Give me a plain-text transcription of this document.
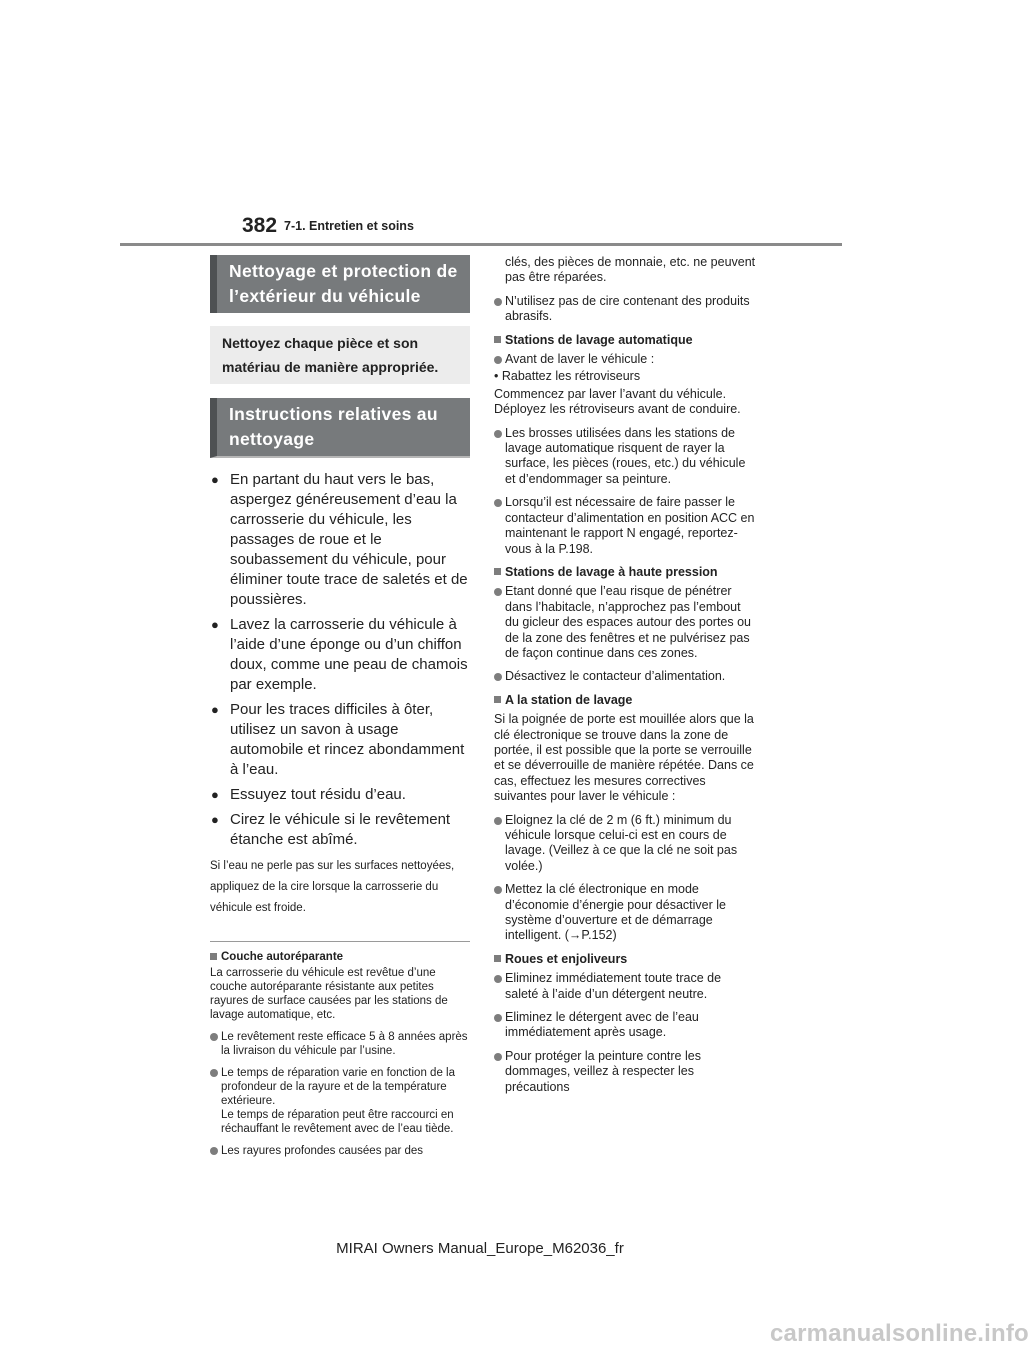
382 7-1. Entretien et soins
Nettoyage et protection de l’extérieur du véhicule
Nettoyez chaque pièce et son matériau de manière appropriée.
Instructions relatives au nettoyage
● En partant du haut vers le bas, aspergez généreusement d’eau la carrosserie du véhicule, les passages de roue et le soubassement du véhicule, pour éliminer toute trace de saletés et de poussières.
● Lavez la carrosserie du véhicule à l’aide d’une éponge ou d’un chiffon doux, comme une peau de chamois par exemple.
● Pour les traces difficiles à ôter, utilisez un savon à usage automobile et rincez abondamment à l’eau.
● Essuyez tout résidu d’eau.
● Cirez le véhicule si le revêtement étanche est abîmé.
Si l’eau ne perle pas sur les surfaces nettoyées, appliquez de la cire lorsque la carrosserie du véhicule est froide.
Couche autoréparante
La carrosserie du véhicule est revêtue d’une couche autoréparante résistante aux petites rayures de surface causées par les stations de lavage automatique, etc.
Le revêtement reste efficace 5 à 8 années après la livraison du véhicule par l’usine.
Le temps de réparation varie en fonction de la profondeur de la rayure et de la température extérieure.
Le temps de réparation peut être raccourci en réchauffant le revêtement avec de l’eau tiède.
Les rayures profondes causées par des
clés, des pièces de monnaie, etc. ne peuvent pas être réparées.
N’utilisez pas de cire contenant des produits abrasifs.
Stations de lavage automatique
Avant de laver le véhicule :
• Rabattez les rétroviseurs
Commencez par laver l’avant du véhicule. Déployez les rétroviseurs avant de conduire.
Les brosses utilisées dans les stations de lavage automatique risquent de rayer la surface, les pièces (roues, etc.) du véhicule et d’endommager sa peinture.
Lorsqu’il est nécessaire de faire passer le contacteur d’alimentation en position ACC en maintenant le rapport N engagé, reportez-vous à la P.198.
Stations de lavage à haute pression
Etant donné que l’eau risque de pénétrer dans l’habitacle, n’approchez pas l’embout du gicleur des espaces autour des portes ou de la zone des fenêtres et ne pulvérisez pas de façon continue dans ces zones.
Désactivez le contacteur d’alimentation.
A la station de lavage
Si la poignée de porte est mouillée alors que la clé électronique se trouve dans la zone de portée, il est possible que la porte se verrouille et se déverrouille de manière répétée. Dans ce cas, effectuez les mesures correctives suivantes pour laver le véhicule :
Eloignez la clé de 2 m (6 ft.) minimum du véhicule lorsque celui-ci est en cours de lavage. (Veillez à ce que la clé ne soit pas volée.)
Mettez la clé électronique en mode d’économie d’énergie pour désactiver le système d’ouverture et de démarrage intelligent. (→P.152)
Roues et enjoliveurs
Eliminez immédiatement toute trace de saleté à l’aide d’un détergent neutre.
Eliminez le détergent avec de l’eau immédiatement après usage.
Pour protéger la peinture contre les dommages, veillez à respecter les précautions
MIRAI Owners Manual_Europe_M62036_fr
carmanualsonline.info
